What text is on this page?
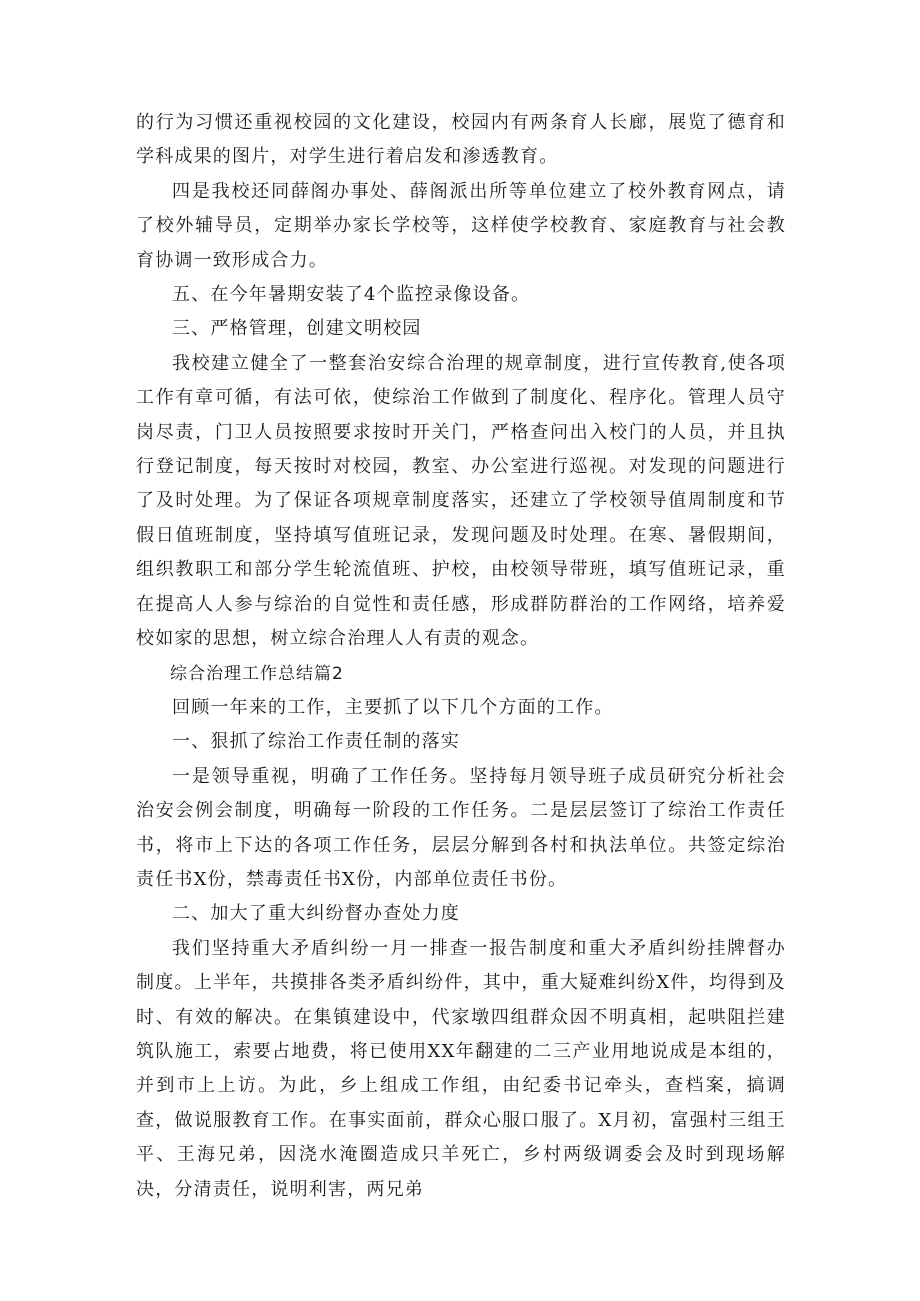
的行为习惯还重视校园的文化建设，校园内有两条育人长廊，展览了德育和学科成果的图片，对学生进行着启发和渗透教育。

四是我校还同薛阁办事处、薛阁派出所等单位建立了校外教育网点，请了校外辅导员，定期举办家长学校等，这样使学校教育、家庭教育与社会教育协调一致形成合力。

五、在今年暑期安装了4个监控录像设备。

三、严格管理，创建文明校园

我校建立健全了一整套治安综合治理的规章制度，进行宣传教育,使各项工作有章可循，有法可依，使综治工作做到了制度化、程序化。管理人员守岗尽责，门卫人员按照要求按时开关门，严格查问出入校门的人员，并且执行登记制度，每天按时对校园，教室、办公室进行巡视。对发现的问题进行了及时处理。为了保证各项规章制度落实，还建立了学校领导值周制度和节假日值班制度，坚持填写值班记录，发现问题及时处理。在寒、暑假期间，组织教职工和部分学生轮流值班、护校，由校领导带班，填写值班记录，重在提高人人参与综治的自觉性和责任感，形成群防群治的工作网络，培养爱校如家的思想，树立综合治理人人有责的观念。

综合治理工作总结篇2

回顾一年来的工作，主要抓了以下几个方面的工作。

一、狠抓了综治工作责任制的落实

一是领导重视，明确了工作任务。坚持每月领导班子成员研究分析社会治安会例会制度，明确每一阶段的工作任务。二是层层签订了综治工作责任书，将市上下达的各项工作任务，层层分解到各村和执法单位。共签定综治责任书X份，禁毒责任书X份，内部单位责任书份。

二、加大了重大纠纷督办查处力度

我们坚持重大矛盾纠纷一月一排查一报告制度和重大矛盾纠纷挂牌督办制度。上半年，共摸排各类矛盾纠纷件，其中，重大疑难纠纷X件，均得到及时、有效的解决。在集镇建设中，代家墩四组群众因不明真相，起哄阻拦建筑队施工，索要占地费，将已使用XX年翻建的二三产业用地说成是本组的，并到市上上访。为此，乡上组成工作组，由纪委书记牵头，查档案，搞调查，做说服教育工作。在事实面前，群众心服口服了。X月初，富强村三组王平、王海兄弟，因浇水淹圈造成只羊死亡，乡村两级调委会及时到现场解决，分清责任，说明利害，两兄弟
